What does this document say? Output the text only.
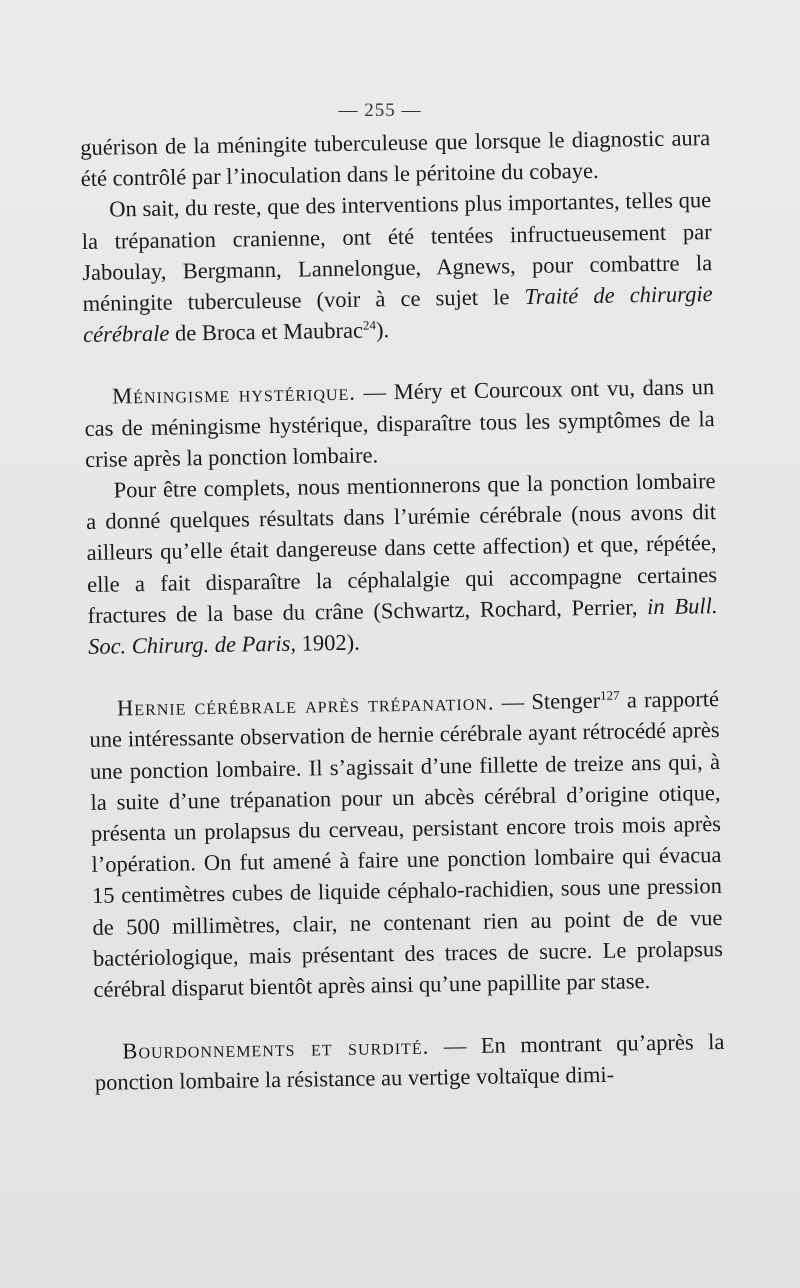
— 255 —

guérison de la méningite tuberculeuse que lorsque le diagnostic aura été contrôlé par l’inoculation dans le péritoine du cobaye.

On sait, du reste, que des interventions plus importantes, telles que la trépanation cranienne, ont été tentées infructueusement par Jaboulay, Bergmann, Lannelongue, Agnews, pour combattre la méningite tuberculeuse (voir à ce sujet le Traité de chirurgie cérébrale de Broca et Maubrac$^{24}$).

Méningisme hystérique. — Méry et Courcoux ont vu, dans un cas de méningisme hystérique, disparaître tous les symptômes de la crise après la ponction lombaire.

Pour être complets, nous mentionnerons que la ponction lombaire a donné quelques résultats dans l’urémie cérébrale (nous avons dit ailleurs qu’elle était dangereuse dans cette affection) et que, répétée, elle a fait disparaître la céphalalgie qui accompagne certaines fractures de la base du crâne (Schwartz, Rochard, Perrier, in Bull. Soc. Chirurg. de Paris, 1902).

Hernie cérébrale après trépanation. — Stenger$^{127}$ a rapporté une intéressante observation de hernie cérébrale ayant rétrocédé après une ponction lombaire. Il s’agissait d’une fillette de treize ans qui, à la suite d’une trépanation pour un abcès cérébral d’origine otique, présenta un prolapsus du cerveau, persistant encore trois mois après l’opération. On fut amené à faire une ponction lombaire qui évacua 15 centimètres cubes de liquide céphalo-rachidien, sous une pression de 500 millimètres, clair, ne contenant rien au point de de vue bactériologique, mais présentant des traces de sucre. Le prolapsus cérébral disparut bientôt après ainsi qu’une papillite par stase.

Bourdonnements et surdité. — En montrant qu’après la ponction lombaire la résistance au vertige voltaïque dimi-
